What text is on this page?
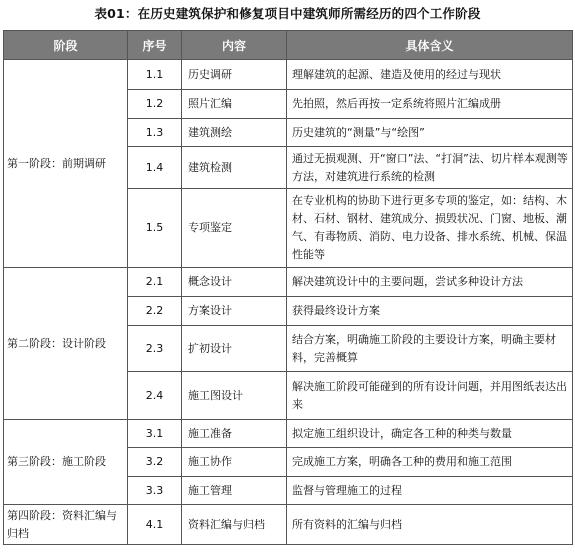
表01：在历史建筑保护和修复项目中建筑师所需经历的四个工作阶段
阶段	序号	内容	具体含义
第一阶段：前期调研	1.1	历史调研	理解建筑的起源、建造及使用的经过与现状
	1.2	照片汇编	先拍照，然后再按一定系统将照片汇编成册
	1.3	建筑测绘	历史建筑的“测量”与“绘图”
	1.4	建筑检测	通过无损观测、开“窗口”法、“打洞”法、切片样本观测等方法，对建筑进行系统的检测
	1.5	专项鉴定	在专业机构的协助下进行更多专项的鉴定，如：结构、木材、石材、钢材、建筑成分、损毁状况、门窗、地板、潮气、有毒物质、消防、电力设备、排水系统、机械、保温性能等
第二阶段：设计阶段	2.1	概念设计	解决建筑设计中的主要问题，尝试多种设计方法
	2.2	方案设计	获得最终设计方案
	2.3	扩初设计	结合方案，明确施工阶段的主要设计方案，明确主要材料，完善概算
	2.4	施工图设计	解决施工阶段可能碰到的所有设计问题，并用图纸表达出来
第三阶段：施工阶段	3.1	施工准备	拟定施工组织设计，确定各工种的种类与数量
	3.2	施工协作	完成施工方案，明确各工种的费用和施工范围
	3.3	施工管理	监督与管理施工的过程
第四阶段：资料汇编与归档	4.1	资料汇编与归档	所有资料的汇编与归档
